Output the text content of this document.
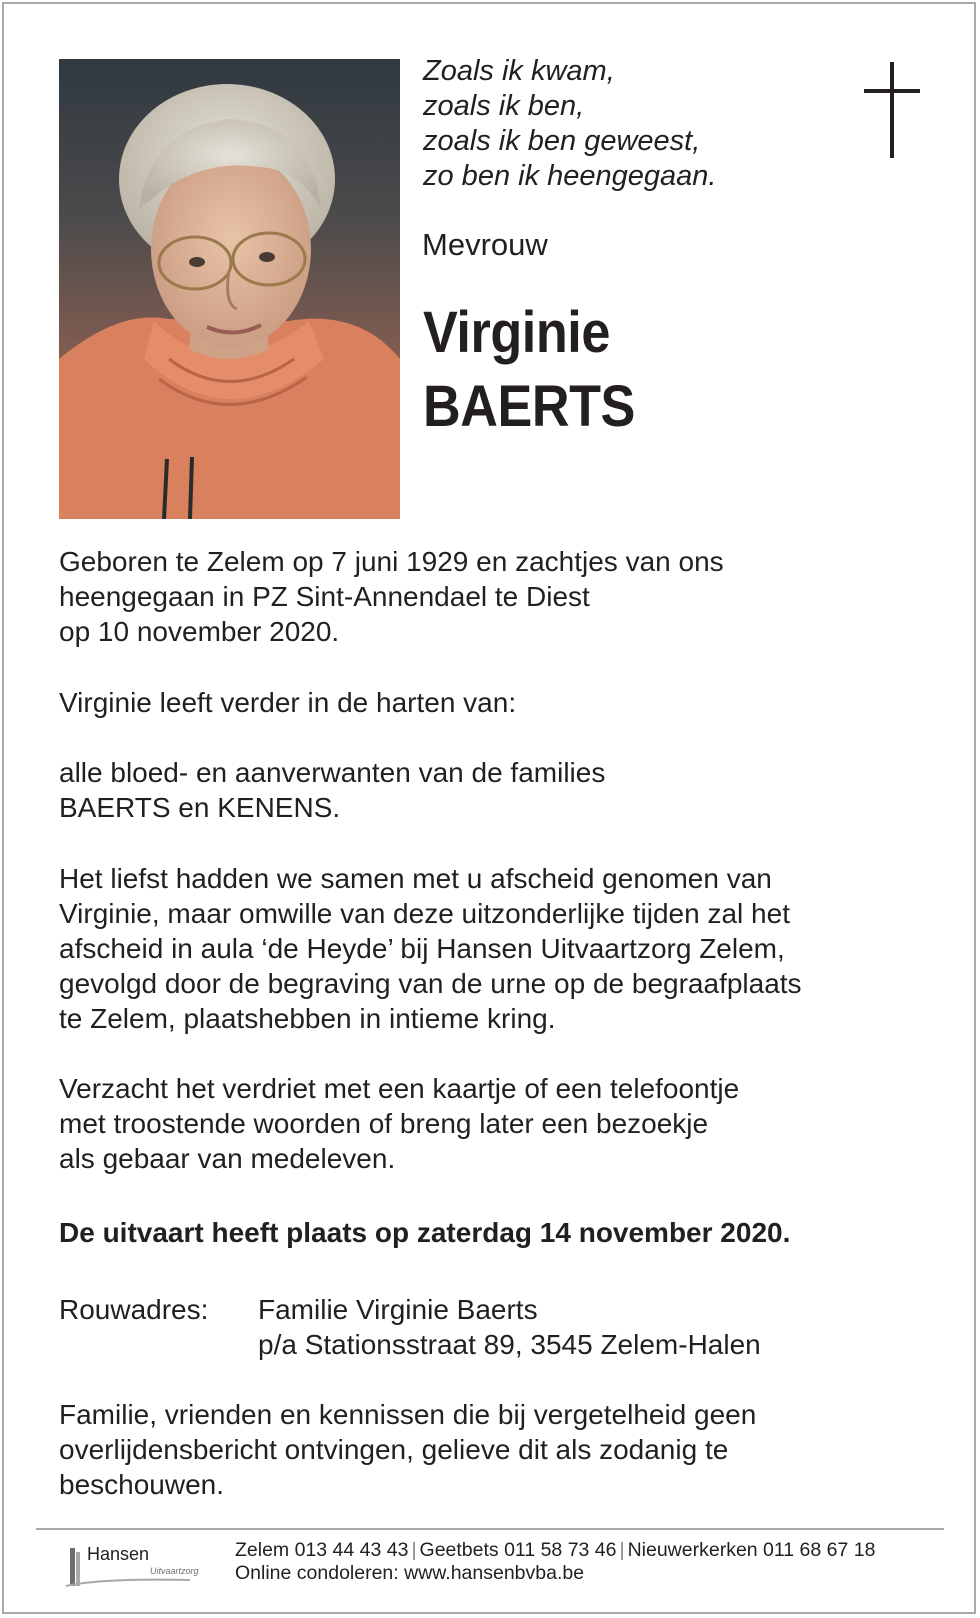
Zoals ik kwam,
zoals ik ben,
zoals ik ben geweest,
zo ben ik heengegaan.
Mevrouw
Virginie
BAERTS
Geboren te Zelem op 7 juni 1929 en zachtjes van ons
heengegaan in PZ Sint-Annendael te Diest
op 10 november 2020.
Virginie leeft verder in de harten van:
alle bloed- en aanverwanten van de families
BAERTS en KENENS.
Het liefst hadden we samen met u afscheid genomen van
Virginie, maar omwille van deze uitzonderlijke tijden zal het
afscheid in aula ‘de Heyde’ bij Hansen Uitvaartzorg Zelem,
gevolgd door de begraving van de urne op de begraafplaats
te Zelem, plaatshebben in intieme kring.
Verzacht het verdriet met een kaartje of een telefoontje
met troostende woorden of breng later een bezoekje
als gebaar van medeleven.
De uitvaart heeft plaats op zaterdag 14 november 2020.
Rouwadres: Familie Virginie Baerts
p/a Stationsstraat 89, 3545 Zelem-Halen
Familie, vrienden en kennissen die bij vergetelheid geen
overlijdensbericht ontvingen, gelieve dit als zodanig te
beschouwen.
Hansen
Uitvaartzorg
Zelem 013 44 43 43 | Geetbets 011 58 73 46 | Nieuwerkerken 011 68 67 18
Online condoleren: www.hansenbvba.be
